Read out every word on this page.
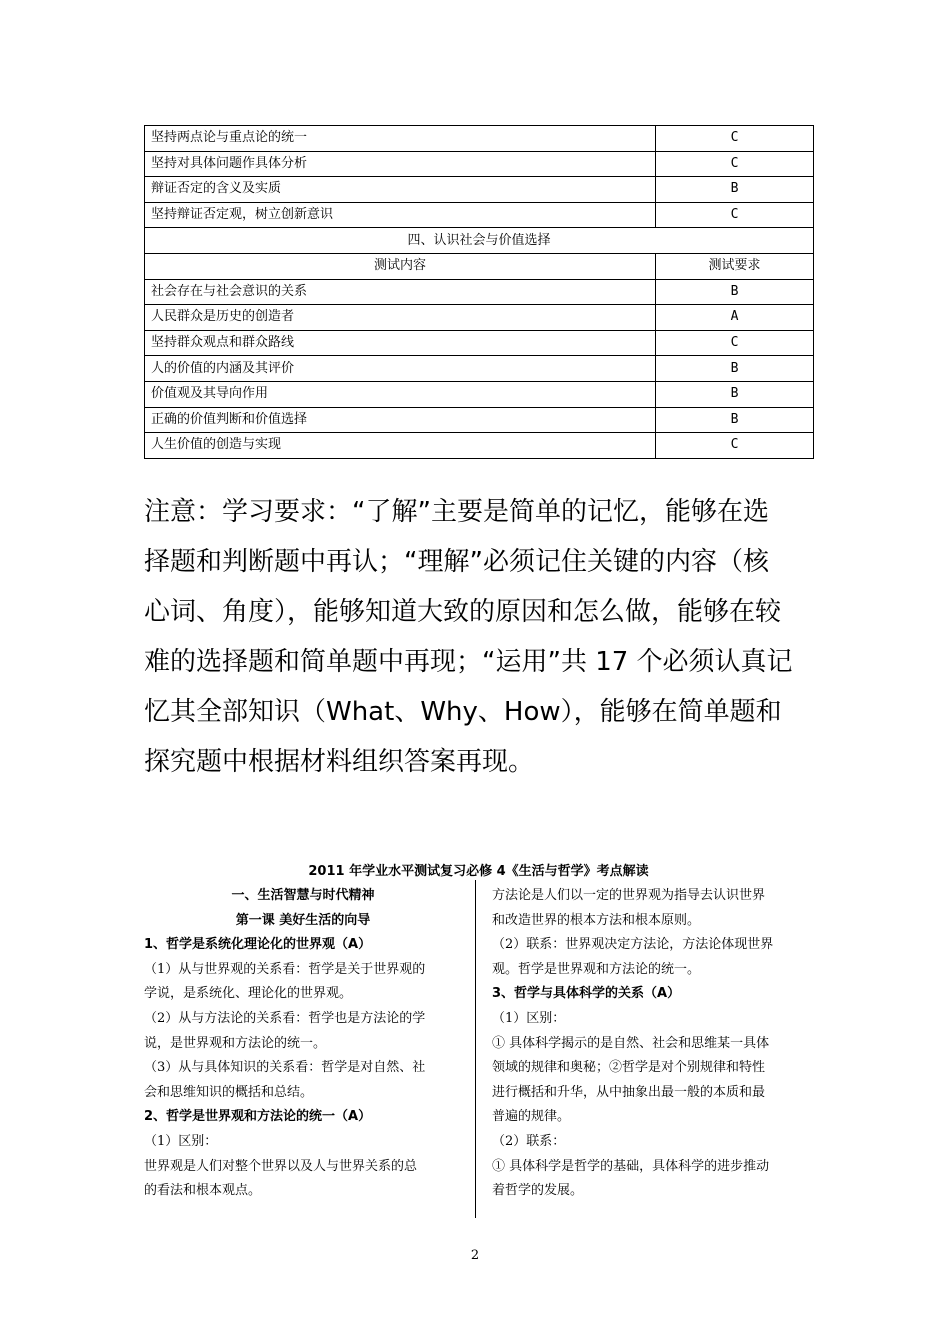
坚持两点论与重点论的统一	C
坚持对具体问题作具体分析	C
辩证否定的含义及实质	B
坚持辩证否定观，树立创新意识	C
四、认识社会与价值选择	
测试内容	测试要求
社会存在与社会意识的关系	B
人民群众是历史的创造者	A
坚持群众观点和群众路线	C
人的价值的内涵及其评价	B
价值观及其导向作用	B
正确的价值判断和价值选择	B
人生价值的创造与实现	C
注意：学习要求：“了解”主要是简单的记忆，能够在选
择题和判断题中再认；“理解”必须记住关键的内容（核
心词、角度），能够知道大致的原因和怎么做，能够在较
难的选择题和简单题中再现；“运用”共 17 个必须认真记
忆其全部知识（What、Why、How），能够在简单题和
探究题中根据材料组织答案再现。
2011 年学业水平测试复习必修 4《生活与哲学》考点解读

一、生活智慧与时代精神

第一课 美好生活的向导

1、哲学是系统化理论化的世界观（A）

（1）从与世界观的关系看：哲学是关于世界观的

学说，是系统化、理论化的世界观。

（2）从与方法论的关系看：哲学也是方法论的学

说，是世界观和方法论的统一。

（3）从与具体知识的关系看：哲学是对自然、社

会和思维知识的概括和总结。

2、哲学是世界观和方法论的统一（A）

（1）区别：

世界观是人们对整个世界以及人与世界关系的总

的看法和根本观点。

方法论是人们以一定的世界观为指导去认识世界

和改造世界的根本方法和根本原则。

（2）联系：世界观决定方法论，方法论体现世界

观。哲学是世界观和方法论的统一。

3、哲学与具体科学的关系（A）

（1）区别：

① 具体科学揭示的是自然、社会和思维某一具体

领域的规律和奥秘；②哲学是对个别规律和特性

进行概括和升华，从中抽象出最一般的本质和最

普遍的规律。

（2）联系：

① 具体科学是哲学的基础，具体科学的进步推动

着哲学的发展。

2
